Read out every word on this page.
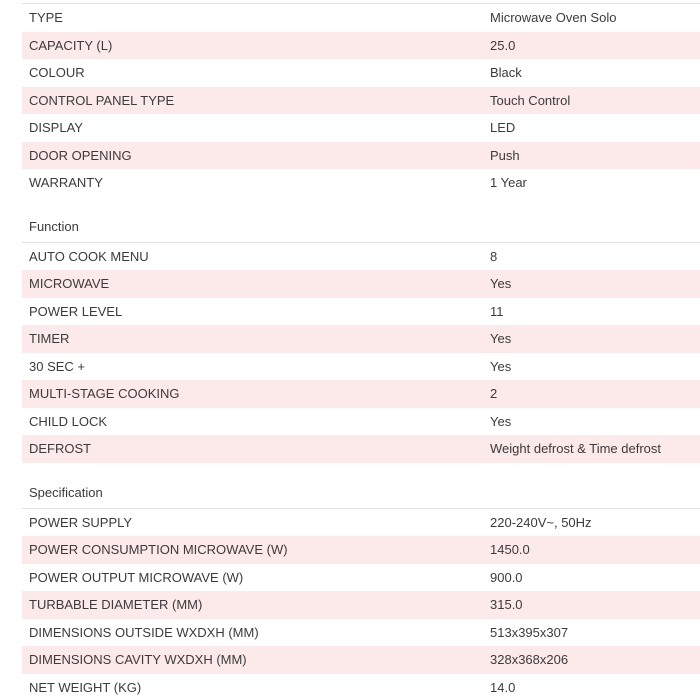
TYPE	Microwave Oven Solo
CAPACITY (L)	25.0
COLOUR	Black
CONTROL PANEL TYPE	Touch Control
DISPLAY	LED
DOOR OPENING	Push
WARRANTY	1 Year
Function
AUTO COOK MENU	8
MICROWAVE	Yes
POWER LEVEL	11
TIMER	Yes
30 SEC +	Yes
MULTI-STAGE COOKING	2
CHILD LOCK	Yes
DEFROST	Weight defrost & Time defrost
Specification
POWER SUPPLY	220-240V~, 50Hz
POWER CONSUMPTION MICROWAVE (W)	1450.0
POWER OUTPUT MICROWAVE (W)	900.0
TURBABLE DIAMETER (MM)	315.0
DIMENSIONS OUTSIDE WXDXH (MM)	513x395x307
DIMENSIONS CAVITY WXDXH (MM)	328x368x206
NET WEIGHT (KG)	14.0
